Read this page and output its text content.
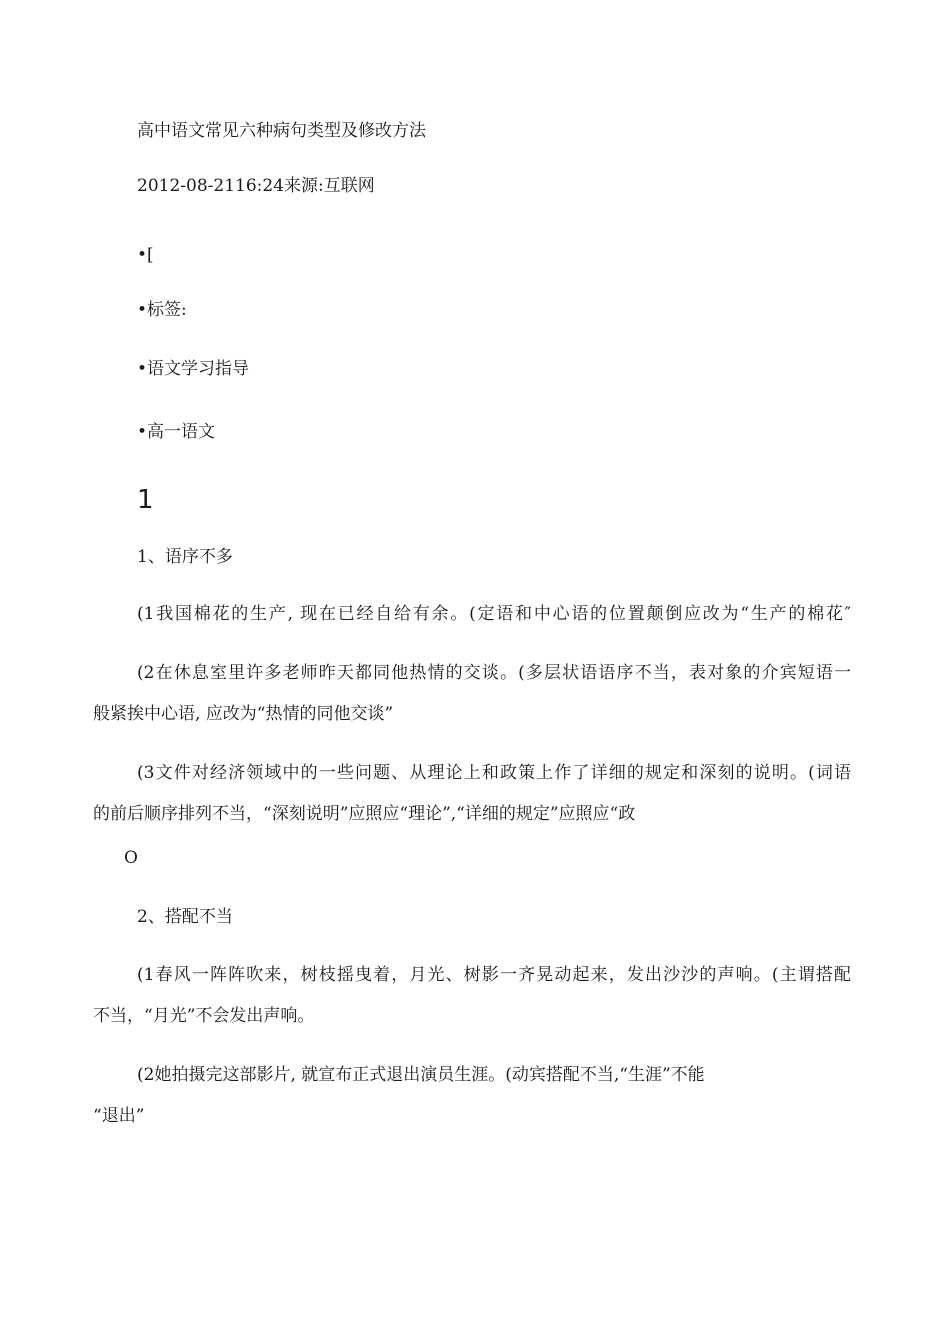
高中语文常见六种病句类型及修改方法
2012-08-2116:24来源:互联网
•[
•标签:
•语文学习指导
•高一语文
1
1、语序不多
(1我国棉花的生产, 现在已经自给有余。(定语和中心语的位置颠倒应改为“生产的棉花″
(2在休息室里许多老师昨天都同他热情的交谈。(多层状语语序不当，表对象的介宾短语一
般紧挨中心语, 应改为“热情的同他交谈”
(3文件对经济领域中的一些问题、从理论上和政策上作了详细的规定和深刻的说明。(词语
的前后顺序排列不当，“深刻说明”应照应“理论”,“详细的规定”应照应“政
O
2、搭配不当
(1春风一阵阵吹来，树枝摇曳着，月光、树影一齐晃动起来，发出沙沙的声响。(主谓搭配
不当，“月光”不会发出声响。
(2她拍摄完这部影片, 就宣布正式退出演员生涯。(动宾搭配不当,“生涯”不能
“退出”
